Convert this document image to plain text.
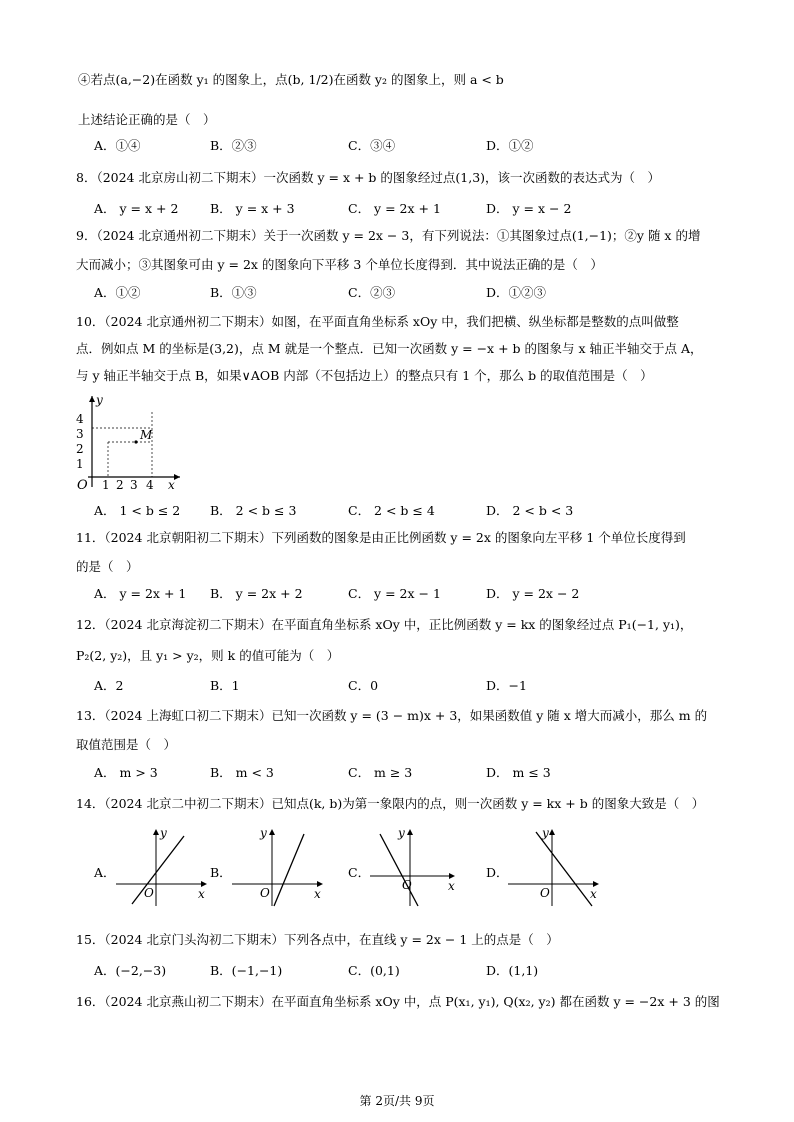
④若点(a,−2)在函数 y₁ 的图象上，点(b, 1/2)在函数 y₂ 的图象上，则 a < b
上述结论正确的是（　）
A．①④	B．②③	C．③④	D．①②
8．（2024 北京房山初二下期末）一次函数 y = x + b 的图象经过点(1,3)，该一次函数的表达式为（　）
A． y = x + 2	B． y = x + 3	C． y = 2x + 1	D． y = x − 2
9．（2024 北京通州初二下期末）关于一次函数 y = 2x − 3，有下列说法：①其图象过点(1,−1)；②y 随 x 的增
大而减小；③其图象可由 y = 2x 的图象向下平移 3 个单位长度得到．其中说法正确的是（　）
A．①②	B．①③	C．②③	D．①②③
10．（2024 北京通州初二下期末）如图，在平面直角坐标系 xOy 中，我们把横、纵坐标都是整数的点叫做整
点．例如点 M 的坐标是(3,2)，点 M 就是一个整点．已知一次函数 y = −x + b 的图象与 x 轴正半轴交于点 A，
与 y 轴正半轴交于点 B，如果∨AOB 内部（不包括边上）的整点只有 1 个，那么 b 的取值范围是（　）
M
y
x
O 1 2 3 4
1
2
3
4
A． 1 < b ≤ 2 B． 2 < b ≤ 3	C． 2 < b ≤ 4	D． 2 < b < 3
11．（2024 北京朝阳初二下期末）下列函数的图象是由正比例函数 y = 2x 的图象向左平移 1 个单位长度得到
的是（　）
A． y = 2x + 1 B． y = 2x + 2	C． y = 2x − 1	D． y = 2x − 2
12．（2024 北京海淀初二下期末）在平面直角坐标系 xOy 中，正比例函数 y = kx 的图象经过点 P₁(−1, y₁)，
P₂(2, y₂)，且 y₁ > y₂，则 k 的值可能为（　）
A．2	B．1	C．0	D．−1
13．（2024 上海虹口初二下期末）已知一次函数 y = (3 − m)x + 3，如果函数值 y 随 x 增大而减小，那么 m 的
取值范围是（　）
A． m > 3	B． m < 3	C． m ≥ 3	D． m ≤ 3
14．（2024 北京二中初二下期末）已知点(k, b)为第一象限内的点，则一次函数 y = kx + b 的图象大致是（　）
A．
y
x
O
B．
y
x
O
C．
y
x
O
D．
y
x
O
15．（2024 北京门头沟初二下期末）下列各点中，在直线 y = 2x − 1 上的点是（　）
A．(−2,−3)	B．(−1,−1)	C．(0,1)	D．(1,1)
16．（2024 北京燕山初二下期末）在平面直角坐标系 xOy 中，点 P(x₁, y₁), Q(x₂, y₂) 都在函数 y = −2x + 3 的图
第 2页/共 9页
